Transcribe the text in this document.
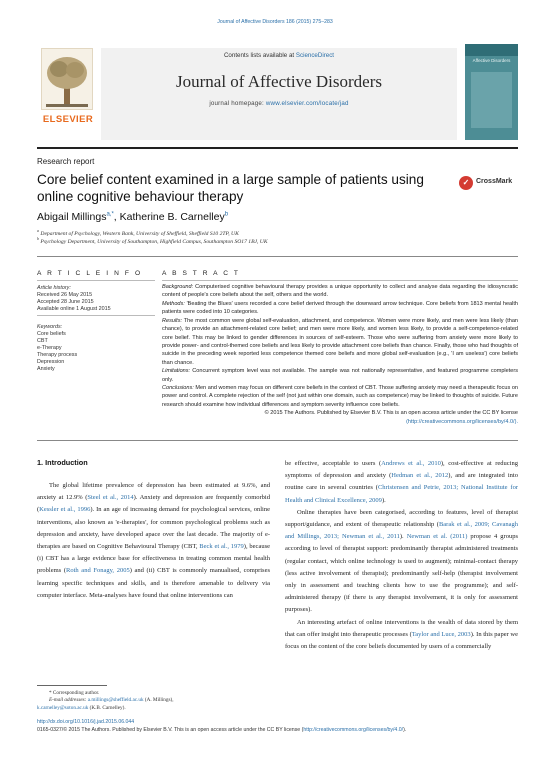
Journal of Affective Disorders 186 (2015) 275–283
ELSEVIER
Contents lists available at ScienceDirect
Journal of Affective Disorders
journal homepage: www.elsevier.com/locate/jad
Affective Disorders
Research report
Core belief content examined in a large sample of patients using online cognitive behaviour therapy
✓ CrossMark
Abigail Millings$^{a,*}$, Katherine B. Carnelley$^b$
$^a$ Department of Psychology, Western Bank, University of Sheffield, Sheffield S10 2TP, UK
$^b$ Psychology Department, University of Southampton, Highfield Campus, Southampton SO17 1BJ, UK
A R T I C L E I N F O	A B S T R A C T
Article history:
Received 26 May 2015
Accepted 28 June 2015
Available online 1 August 2015
Keywords:
Core beliefs
CBT
e-Therapy
Therapy process
Depression
Anxiety

Background: Computerised cognitive behavioural therapy provides a unique opportunity to collect and analyse data regarding the idiosyncratic content of people's core beliefs about the self, others and the world.

Methods: 'Beating the Blues' users recorded a core belief derived through the downward arrow technique. Core beliefs from 1813 mental health patients were coded into 10 categories.

Results: The most common were global self-evaluation, attachment, and competence. Women were more likely, and men were less likely (than chance), to provide an attachment-related core belief; and men were more likely, and women less likely, to provide a self-competence-related core belief. This may be linked to gender differences in sources of self-esteem. Those who were suffering from anxiety were more likely to provide power- and control-themed core beliefs and less likely to provide attachment core beliefs than chance. Finally, those who had thoughts of suicide in the preceding week reported less competence themed core beliefs and more global self-evaluation (e.g., 'I am useless') core beliefs than chance.

Limitations: Concurrent symptom level was not available. The sample was not nationally representative, and featured programme completers only.

Conclusions: Men and women may focus on different core beliefs in the context of CBT. Those suffering anxiety may need a therapeutic focus on power and control. A complete rejection of the self (not just within one domain, such as competence) may be linked to thoughts of suicide. Future research should examine how individual differences and symptom severity influence core beliefs.

© 2015 The Authors. Published by Elsevier B.V. This is an open access article under the CC BY license (http://creativecommons.org/licenses/by/4.0/).

1. Introduction

The global lifetime prevalence of depression has been estimated at 9.6%, and anxiety at 12.9% (Steel et al., 2014). Anxiety and depression are frequently comorbid (Kessler et al., 1996). In an age of increasing demand for psychological services, online interventions, also known as 'e-therapies', for common psychological problems such as depression and anxiety, have developed apace over the last decade. The majority of e-therapies are based on Cognitive Behavioural Therapy (CBT, Beck et al., 1979), because (i) CBT has a large evidence base for effectiveness in treating common mental health problems (Roth and Fonagy, 2005) and (ii) CBT is commonly manualised, comprises learning specific techniques and skills, and is therefore amenable to delivery via computer interface. Meta-analyses have found that online interventions can

be effective, acceptable to users (Andrews et al., 2010), cost-effective at reducing symptoms of depression and anxiety (Hedman et al., 2012), and are integrated into routine care in several countries (Christensen and Petrie, 2013; National Institute for Health and Clinical Excellence, 2009).

Online therapies have been categorised, according to features, level of therapist support/guidance, and extent of therapeutic relationship (Barak et al., 2009; Cavanagh and Millings, 2013; Newman et al., 2011). Newman et al. (2011) propose 4 groups according to level of therapist support: predominantly therapist administered treatments (regular contact, which online technology is used to augment); minimal-contact therapy (less active involvement of therapist); predominantly self-help (therapist involvement only in assessment and teaching clients how to use the programme); and self-administered therapy (if there is any therapist involvement, it is only for assessment purposes).

An interesting artefact of online interventions is the wealth of data stored by them that can offer insight into therapeutic processes (Taylor and Luce, 2003). In this paper we focus on the content of the core beliefs documented by users of a commercially

* Corresponding author.
E-mail addresses: a.millings@sheffield.ac.uk (A. Millings),
k.carnelley@soton.ac.uk (K.B. Carnelley).
http://dx.doi.org/10.1016/j.jad.2015.06.044
0165-0327/© 2015 The Authors. Published by Elsevier B.V. This is an open access article under the CC BY license (http://creativecommons.org/licenses/by/4.0/).
